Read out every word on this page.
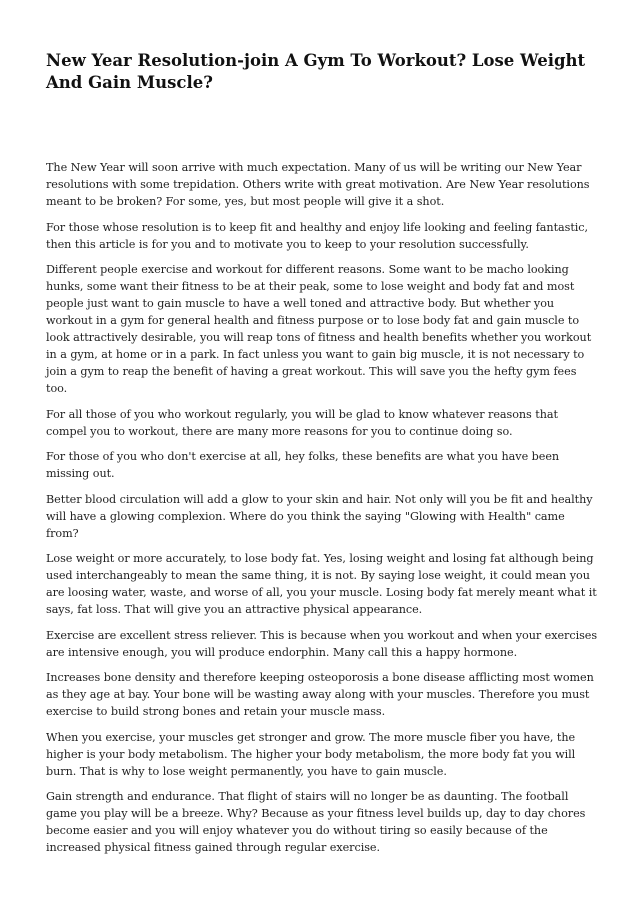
New Year Resolution-join A Gym To Workout? Lose Weight And Gain Muscle?

The New Year will soon arrive with much expectation. Many of us will be writing our New Year resolutions with some trepidation. Others write with great motivation. Are New Year resolutions meant to be broken? For some, yes, but most people will give it a shot.

For those whose resolution is to keep fit and healthy and enjoy life looking and feeling fantastic, then this article is for you and to motivate you to keep to your resolution successfully.

Different people exercise and workout for different reasons. Some want to be macho looking hunks, some want their fitness to be at their peak, some to lose weight and body fat and most people just want to gain muscle to have a well toned and attractive body. But whether you workout in a gym for general health and fitness purpose or to lose body fat and gain muscle to look attractively desirable, you will reap tons of fitness and health benefits whether you workout in a gym, at home or in a park. In fact unless you want to gain big muscle, it is not necessary to join a gym to reap the benefit of having a great workout. This will save you the hefty gym fees too.

For all those of you who workout regularly, you will be glad to know whatever reasons that compel you to workout, there are many more reasons for you to continue doing so.

For those of you who don't exercise at all, hey folks, these benefits are what you have been missing out.

Better blood circulation will add a glow to your skin and hair. Not only will you be fit and healthy will have a glowing complexion. Where do you think the saying "Glowing with Health" came from?

Lose weight or more accurately, to lose body fat. Yes, losing weight and losing fat although being used interchangeably to mean the same thing, it is not. By saying lose weight, it could mean you are loosing water, waste, and worse of all, you your muscle. Losing body fat merely meant what it says, fat loss. That will give you an attractive physical appearance.

Exercise are excellent stress reliever. This is because when you workout and when your exercises are intensive enough, you will produce endorphin. Many call this a happy hormone.

Increases bone density and therefore keeping osteoporosis a bone disease afflicting most women as they age at bay. Your bone will be wasting away along with your muscles. Therefore you must exercise to build strong bones and retain your muscle mass.

When you exercise, your muscles get stronger and grow. The more muscle fiber you have, the higher is your body metabolism. The higher your body metabolism, the more body fat you will burn. That is why to lose weight permanently, you have to gain muscle.

Gain strength and endurance. That flight of stairs will no longer be as daunting. The football game you play will be a breeze. Why? Because as your fitness level builds up, day to day chores become easier and you will enjoy whatever you do without tiring so easily because of the increased physical fitness gained through regular exercise.
